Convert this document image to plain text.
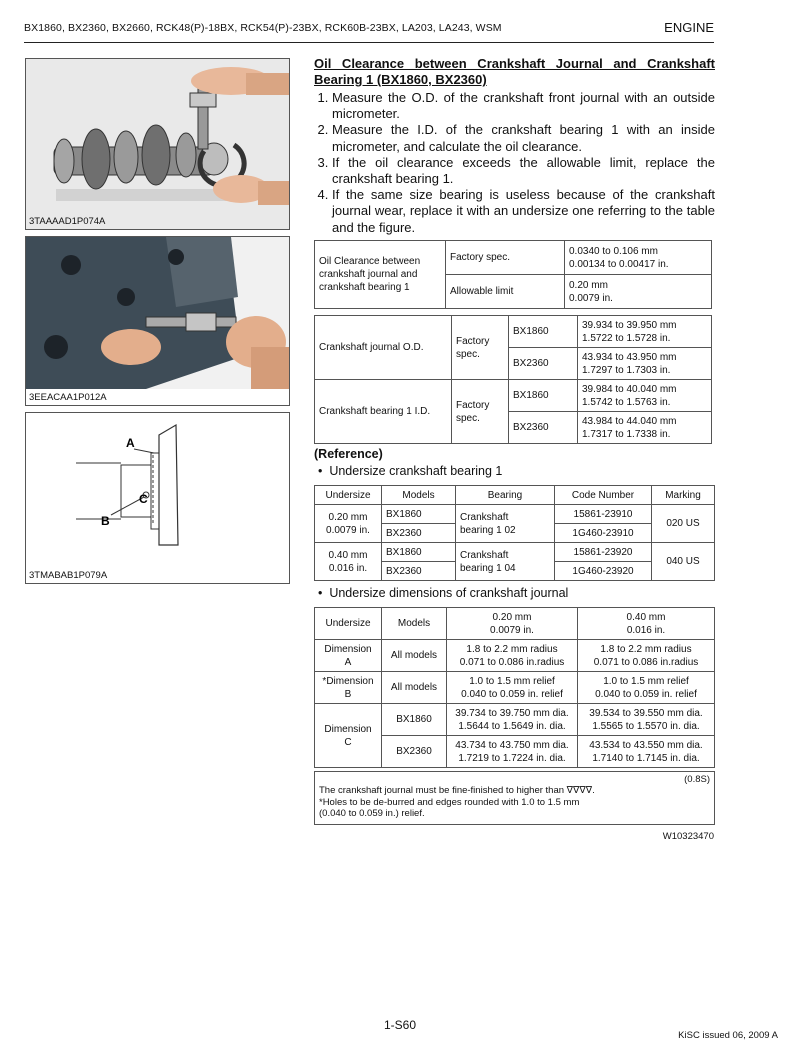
BX1860, BX2360, BX2660, RCK48(P)-18BX, RCK54(P)-23BX, RCK60B-23BX, LA203, LA243, WSM	ENGINE
3TAAAAD1P074A
3EEACAA1P012A
A
B
C
3TMABAB1P079A
Oil Clearance between Crankshaft Journal and Crankshaft Bearing 1 (BX1860, BX2360)
1. Measure the O.D. of the crankshaft front journal with an outside micrometer.
2. Measure the I.D. of the crankshaft bearing 1 with an inside micrometer, and calculate the oil clearance.
3. If the oil clearance exceeds the allowable limit, replace the crankshaft bearing 1.
4. If the same size bearing is useless because of the crankshaft journal wear, replace it with an undersize one referring to the table and the figure.
Oil Clearance between crankshaft journal and crankshaft bearing 1	Factory spec.	0.0340 to 0.106 mm
0.00134 to 0.00417 in.
	Allowable limit	0.20 mm
0.0079 in.
Crankshaft journal O.D.	Factory spec.	BX1860	39.934 to 39.950 mm
1.5722 to 1.5728 in.
		BX2360	43.934 to 43.950 mm
1.7297 to 1.7303 in.
Crankshaft bearing 1 I.D.	Factory spec.	BX1860	39.984 to 40.040 mm
1.5742 to 1.5763 in.
		BX2360	43.984 to 44.040 mm
1.7317 to 1.7338 in.
(Reference)
•  Undersize crankshaft bearing 1
Undersize	Models	Bearing	Code Number	Marking
0.20 mm
0.0079 in.	BX1860	Crankshaft
bearing 1 02	15861-23910	020 US
	BX2360		1G460-23910	
0.40 mm
0.016 in.	BX1860	Crankshaft
bearing 1 04	15861-23920	040 US
	BX2360		1G460-23920	
•  Undersize dimensions of crankshaft journal
Undersize	Models	0.20 mm
0.0079 in.	0.40 mm
0.016 in.
Dimension
A	All models	1.8 to 2.2 mm radius
0.071 to 0.086 in.radius	1.8 to 2.2 mm radius
0.071 to 0.086 in.radius
*Dimension
B	All models	1.0 to 1.5 mm relief
0.040 to 0.059 in. relief	1.0 to 1.5 mm relief
0.040 to 0.059 in. relief
Dimension
C	BX1860	39.734 to 39.750 mm dia.
1.5644 to 1.5649 in. dia.	39.534 to 39.550 mm dia.
1.5565 to 1.5570 in. dia.
	BX2360	43.734 to 43.750 mm dia.
1.7219 to 1.7224 in. dia.	43.534 to 43.550 mm dia.
1.7140 to 1.7145 in. dia.
The crankshaft journal must be fine-finished to higher than ∇∇∇∇.
*Holes to be de-burred and edges rounded with 1.0 to 1.5 mm
(0.040 to 0.059 in.) relief.
(0.8S)
W10323470
1-S60
KiSC issued 06, 2009 A
